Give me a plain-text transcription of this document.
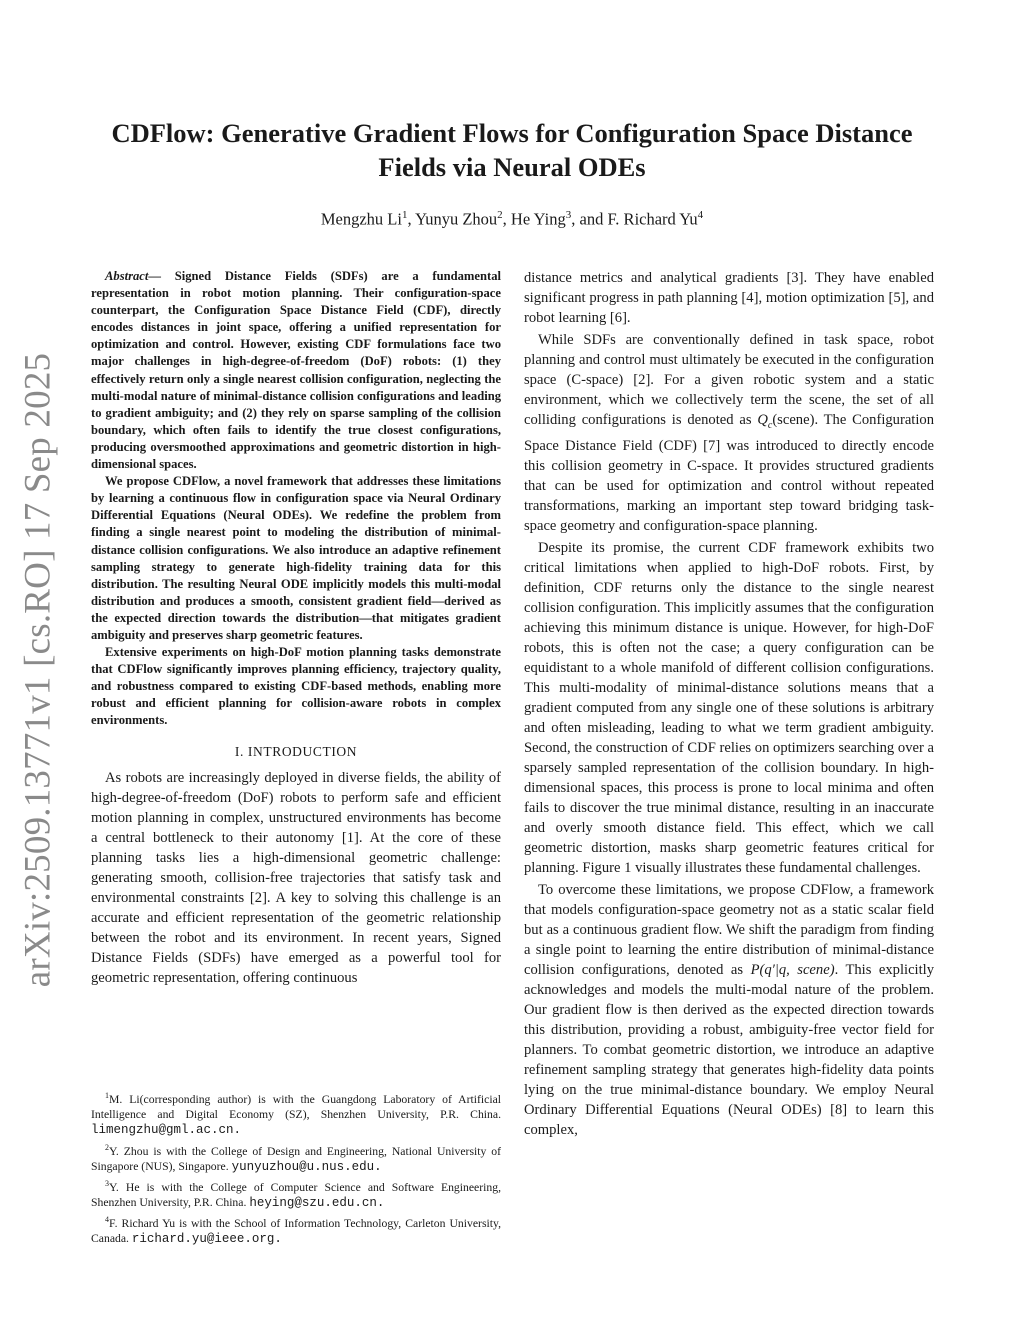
arXiv:2509.13771v1 [cs.RO] 17 Sep 2025
CDFlow: Generative Gradient Flows for Configuration Space Distance Fields via Neural ODEs

Mengzhu Li$^1$, Yunyu Zhou$^2$, He Ying$^3$, and F. Richard Yu$^4$

Abstract— Signed Distance Fields (SDFs) are a fundamental representation in robot motion planning. Their configuration-space counterpart, the Configuration Space Distance Field (CDF), directly encodes distances in joint space, offering a unified representation for optimization and control. However, existing CDF formulations face two major challenges in high-degree-of-freedom (DoF) robots: (1) they effectively return only a single nearest collision configuration, neglecting the multi-modal nature of minimal-distance collision configurations and leading to gradient ambiguity; and (2) they rely on sparse sampling of the collision boundary, which often fails to identify the true closest configurations, producing oversmoothed approximations and geometric distortion in high-dimensional spaces.

We propose CDFlow, a novel framework that addresses these limitations by learning a continuous flow in configuration space via Neural Ordinary Differential Equations (Neural ODEs). We redefine the problem from finding a single nearest point to modeling the distribution of minimal-distance collision configurations. We also introduce an adaptive refinement sampling strategy to generate high-fidelity training data for this distribution. The resulting Neural ODE implicitly models this multi-modal distribution and produces a smooth, consistent gradient field—derived as the expected direction towards the distribution—that mitigates gradient ambiguity and preserves sharp geometric features.

Extensive experiments on high-DoF motion planning tasks demonstrate that CDFlow significantly improves planning efficiency, trajectory quality, and robustness compared to existing CDF-based methods, enabling more robust and efficient planning for collision-aware robots in complex environments.

I. INTRODUCTION

As robots are increasingly deployed in diverse fields, the ability of high-degree-of-freedom (DoF) robots to perform safe and efficient motion planning in complex, unstructured environments has become a central bottleneck to their autonomy [1]. At the core of these planning tasks lies a high-dimensional geometric challenge: generating smooth, collision-free trajectories that satisfy task and environmental constraints [2]. A key to solving this challenge is an accurate and efficient representation of the geometric relationship between the robot and its environment. In recent years, Signed Distance Fields (SDFs) have emerged as a powerful tool for geometric representation, offering continuous

$^1$M. Li(corresponding author) is with the Guangdong Laboratory of Artificial Intelligence and Digital Economy (SZ), Shenzhen University, P.R. China. limengzhu@gml.ac.cn.

$^2$Y. Zhou is with the College of Design and Engineering, National University of Singapore (NUS), Singapore. yunyuzhou@u.nus.edu.

$^3$Y. He is with the College of Computer Science and Software Engineering, Shenzhen University, P.R. China. heying@szu.edu.cn.

$^4$F. Richard Yu is with the School of Information Technology, Carleton University, Canada. richard.yu@ieee.org.

distance metrics and analytical gradients [3]. They have enabled significant progress in path planning [4], motion optimization [5], and robot learning [6].

While SDFs are conventionally defined in task space, robot planning and control must ultimately be executed in the configuration space (C-space) [2]. For a given robotic system and a static environment, which we collectively term the scene, the set of all colliding configurations is denoted as $Q_c(scene)$. The Configuration Space Distance Field (CDF) [7] was introduced to directly encode this collision geometry in C-space. It provides structured gradients that can be used for optimization and control without repeated transformations, marking an important step toward bridging task-space geometry and configuration-space planning.

Despite its promise, the current CDF framework exhibits two critical limitations when applied to high-DoF robots. First, by definition, CDF returns only the distance to the single nearest collision configuration. This implicitly assumes that the configuration achieving this minimum distance is unique. However, for high-DoF robots, this is often not the case; a query configuration can be equidistant to a whole manifold of different collision configurations. This multi-modality of minimal-distance solutions means that a gradient computed from any single one of these solutions is arbitrary and often misleading, leading to what we term gradient ambiguity. Second, the construction of CDF relies on optimizers searching over a sparsely sampled representation of the collision boundary. In high-dimensional spaces, this process is prone to local minima and often fails to discover the true minimal distance, resulting in an inaccurate and overly smooth distance field. This effect, which we call geometric distortion, masks sharp geometric features critical for planning. Figure 1 visually illustrates these fundamental challenges.

To overcome these limitations, we propose CDFlow, a framework that models configuration-space geometry not as a static scalar field but as a continuous gradient flow. We shift the paradigm from finding a single point to learning the entire distribution of minimal-distance collision configurations, denoted as P(q′|q, scene). This explicitly acknowledges and models the multi-modal nature of the problem. Our gradient flow is then derived as the expected direction towards this distribution, providing a robust, ambiguity-free vector field for planners. To combat geometric distortion, we introduce an adaptive refinement sampling strategy that generates high-fidelity data points lying on the true minimal-distance boundary. We employ Neural Ordinary Differential Equations (Neural ODEs) [8] to learn this complex,
